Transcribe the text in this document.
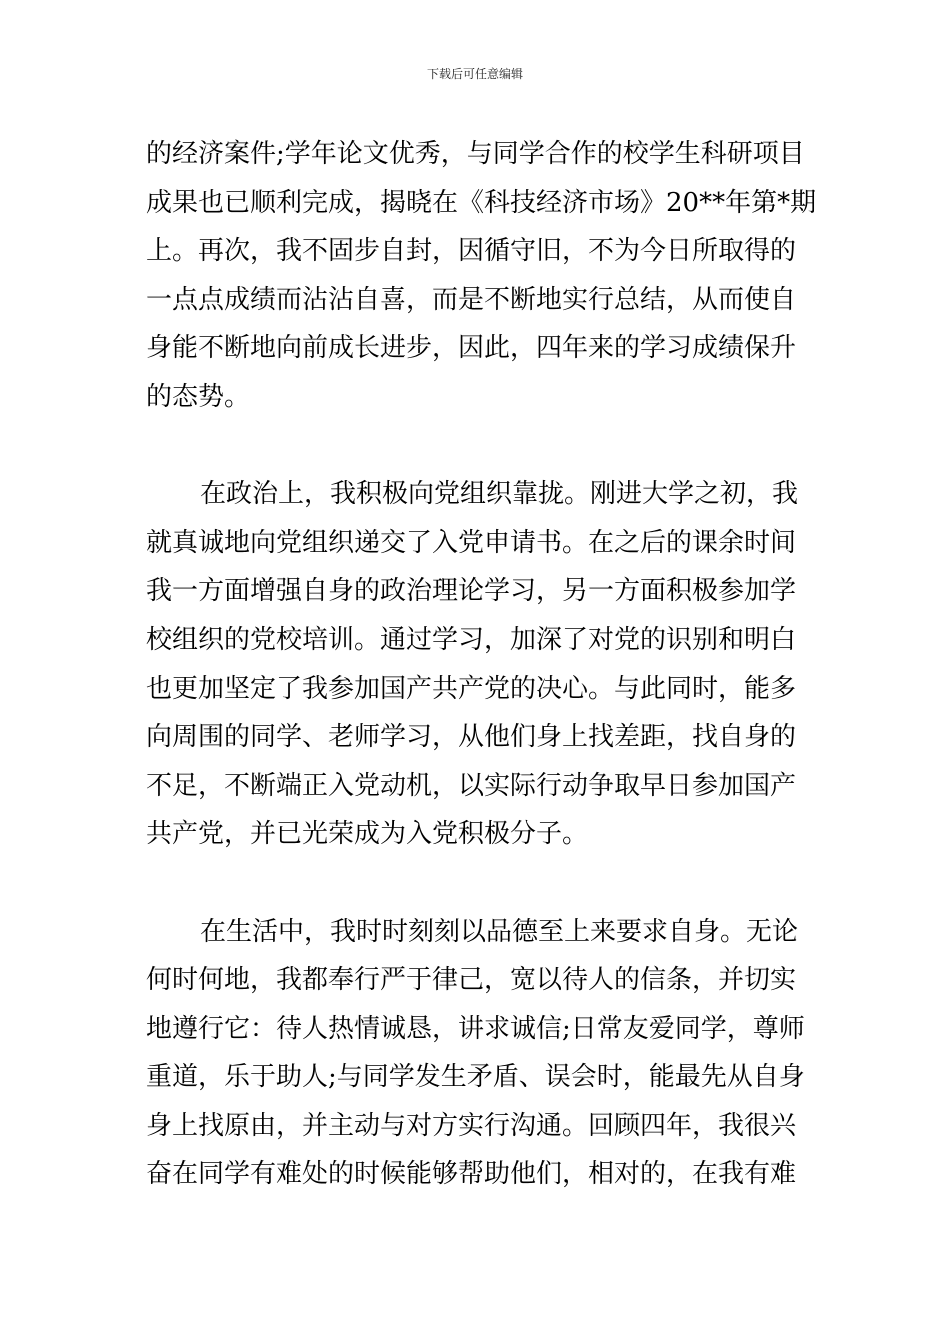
下载后可任意编辑
的经济案件;学年论文优秀，与同学合作的校学生科研项目
成果也已顺利完成，揭晓在《科技经济市场》20**年第*期
上。再次，我不固步自封，因循守旧，不为今日所取得的
一点点成绩而沾沾自喜，而是不断地实行总结，从而使自
身能不断地向前成长进步，因此，四年来的学习成绩保升
的态势。
在政治上，我积极向党组织靠拢。刚进大学之初，我
就真诚地向党组织递交了入党申请书。在之后的课余时间
我一方面增强自身的政治理论学习，另一方面积极参加学
校组织的党校培训。通过学习，加深了对党的识别和明白
也更加坚定了我参加国产共产党的决心。与此同时，能多
向周围的同学、老师学习，从他们身上找差距，找自身的
不足，不断端正入党动机，以实际行动争取早日参加国产
共产党，并已光荣成为入党积极分子。
在生活中，我时时刻刻以品德至上来要求自身。无论
何时何地，我都奉行严于律己，宽以待人的信条，并切实
地遵行它：待人热情诚恳，讲求诚信;日常友爱同学，尊师
重道，乐于助人;与同学发生矛盾、误会时，能最先从自身
身上找原由，并主动与对方实行沟通。回顾四年，我很兴
奋在同学有难处的时候能够帮助他们，相对的，在我有难
